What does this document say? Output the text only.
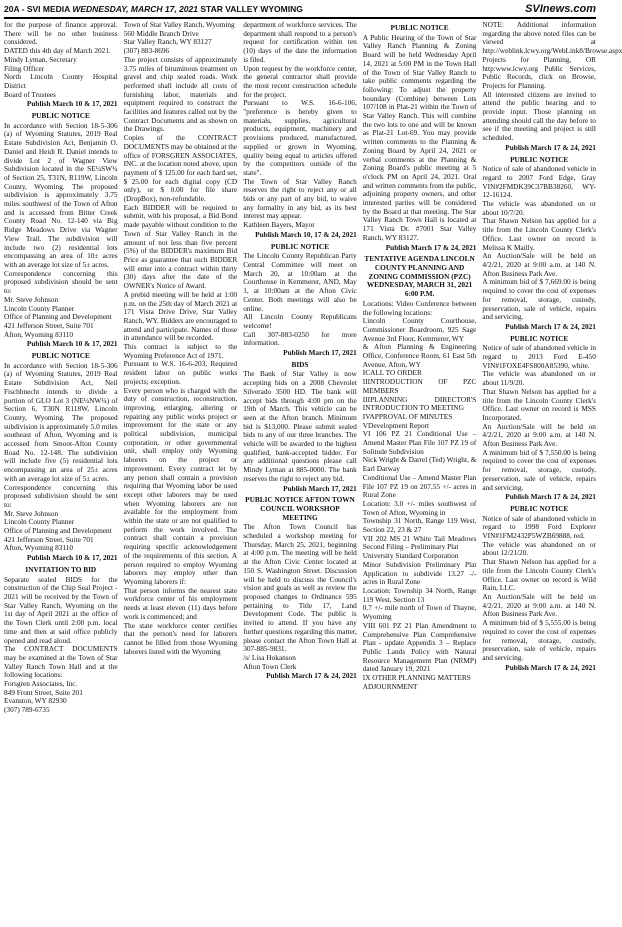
20A - SVI MEDIA WEDNESDAY, MARCH 17, 2021 STAR VALLEY WYOMING	SVInews.com

for the purpose of finance approval. There will be no other business considered.

DATED this 4th day of March 2021.

Mindy Lyman, Secretary

Filing Officer

North Lincoln County Hospital District

Board of Trustees

Publish March 10 & 17, 2021
PUBLIC NOTICE

In accordance with Section 18-5-306 (a) of Wyoming Statutes, 2019 Real Estate Subdivision Act, Benjamin O. Daniel and Heidi R. Daniel intends to divide Lot 2 of Wagner View Subdivision located in the SE¼SW¼ of Section 25, T31N, R119W, Lincoln County, Wyoming. The proposed subdivision is approximately 3.75 miles southwest of the Town of Afton and is accessed from Bitter Creek County Road No. 12-140 via Big Ridge Meadows Drive via Wagner View Trail. The subdivision will include two (2) residential lots encompassing an area of 10± acres with an average lot size of 5± acres.

Correspondence concerning this proposed subdivision should be sent to:

Mr. Steve Johnson

Lincoln County Planner

Office of Planning and Development

421 Jefferson Street, Suite 701

Afton, Wyoming 83110

Publish March 10 & 17, 2021
PUBLIC NOTICE

In accordance with Section 18-5-306 (a) of Wyoming Statutes, 2019 Real Estate Subdivision Act, Neil Fischbnecht intends to divide a portion of GLO Lot 3 (NE¼NW¼) of Section 6, T30N R118W, Lincoln County, Wyoming. The proposed subdivision is approximately 5.0 miles southeast of Afton, Wyoming and is accessed from Smoot-Afton County Road No. 12-148. The subdivision will include five (5) residential lots encompassing an area of 25± acres with an average lot size of 5± acres.

Correspondence concerning this proposed subdivision should be sent to:

Mr. Steve Johnson

Lincoln County Planner

Office of Planning and Development

421 Jefferson Street, Suite 701

Afton, Wyoming 83110

Publish March 10 & 17, 2021
INVITATION TO BID

Separate sealed BIDS for the construction of the Chip Seal Project - 2021 will be received by the Town of Star Valley Ranch, Wyoming on the 1st day of April 2021 at the office of the Town Clerk until 2:00 p.m. local time and then at said office publicly opened and read aloud.

The CONTRACT DOCUMENTS may be examined at the Town of Star Valley Ranch Town Hall and at the following locations:

Forsgren Associates, Inc.

849 Front Street, Suite 201

Evanston, WY 82930

(307) 789-6735

Town of Star Valley Ranch, Wyoming

560 Middle Branch Drive

Star Valley Ranch, WY 83127

(307) 883-8696

The project consists of approximately 3.75 miles of bituminous treatment on gravel and chip sealed roads. Work performed shall include all costs of furnishing labor, materials and equipment required to construct the facilities and features called out by the Contract Documents and as shown on the Drawings.

Copies of the CONTRACT DOCUMENTS may be obtained at the office of FORSGREN ASSOCIATES, INC. at the location noted above, upon payment of $ 125.00 for each hard set, $ 25.00 for each digital copy (CD only), or $ 0.00 for file share (DropBox), non-refundable.

Each BIDDER will be required to submit, with his proposal, a Bid Bond made payable without condition to the Town of Star Valley Ranch in the amount of not less than five percent (5%) of the BIDDER's maximum Bid Price as guarantee that such BIDDER will enter into a contract within thirty (30) days after the date of the OWNER's Notice of Award.

A prebid meeting will be held at 1:00 p.m. on the 25th day of March 2021 at 171 Vista Drive Drive, Star Valley Ranch, WY. Bidders are encouraged to attend and participate. Names of those in attendance will be recorded.

This contract is subject to the Wyoming Preference Act of 1971.

Pursuant to W.S. 16-6-203, Required resident labor on public works projects; exception.

Every person who is charged with the duty of construction, reconstruction, improving, enlarging, altering or repairing any public works project or improvement for the state or any political subdivision, municipal corporation, or other governmental unit, shall employ only Wyoming laborers on the project or improvement. Every contract let by any person shall contain a provision requiring that Wyoming labor be used except other laborers may be used when Wyoming laborers are not available for the employment from within the state or are not qualified to perform the work involved. The contract shall contain a provision requiring specific acknowledgement of the requirements of this section. A person required to employ Wyoming laborers may employ other than Wyoming laborers if:

That person informs the nearest state workforce center of his employment needs at least eleven (11) days before work is commenced; and

The state workforce center certifies that the person's need for laborers cannot be filled from those Wyoming laborers listed with the Wyoming

department of workforce services. The department shall respond to a person's request for certification within ten (10) days of the date the information is filed.

Upon request by the workforce center, the general contractor shall provide the most recent construction schedule for the project.

Pursuant to W.S. 16-6-106, "preference is hereby given to materials, supplies, agricultural products, equipment, machinery and provisions produced, manufactured, supplied or grown in Wyoming, quality being equal to articles offered by the competitors outside of the state".

The Town of Star Valley Ranch reserves the right to reject any or all bids or any part of any bid, to waive any formality in any bid, as its best interest may appear.

Kathleen Bayers, Mayor

Publish March 10, 17 & 24, 2021
PUBLIC NOTICE

The Lincoln County Republican Party Central Committee will meet on March 20, at 10:00am at the Courthouse in Kemmerer, AND, May 1, at 10:00am at the Afton Civic Center. Both meetings will also be online.

All Lincoln County Republicans welcome!

Call 307-883-0250 for more information.

Publish March 17, 2021
BIDS

The Bank of Star Valley is now accepting bids on a 2008 Chevrolet Silverado 3500 HD. The bank will accept bids through 4:00 pm on the 19th of March. This vehicle can be seen at the Afton branch. Minimum bid is $13,000. Please submit sealed bids to any of our three branches. The vehicle will be awarded to the highest qualified, bank-accepted bidder. For any additional questions please call Mindy Lyman at 885-0000. The bank reserves the right to reject any bid.

Publish March 17, 2021
PUBLIC NOTICE AFTON TOWN COUNCIL WORKSHOP MEETING

The Afton Town Council has scheduled a workshop meeting for Thursday, March 25, 2021, beginning at 4:00 p.m. The meeting will be held at the Afton Civic Center located at 150 S. Washington Street. Discussion will be held to discuss the Council's vision and goals as well as review the proposed changes to Ordinance 595 pertaining to Title 17, Land Development Code. The public is invited to attend. If you have any further questions regarding this matter, please contact the Afton Town Hall at 307-885-9831.

/s/ Lisa Hokanson

Afton Town Clerk

Publish March 17 & 24, 2021
PUBLIC NOTICE

A Public Hearing of the Town of Star Valley Ranch Planning & Zoning Board will be held Wednesday April 14, 2021 at 5:00 PM in the Town Hall of the Town of Star Valley Ranch to take public comments regarding the following: To adjust the property boundary (Combine) between Lots 107/108 in Plat-21 within the Town of Star Valley Ranch. This will combine the two lots to one and will be known as Plat-21 Lot-69. You may provide written comments to the Planning & Zoning Board by April 24, 2021 or verbal comments at the Planning & Zoning Board's public meeting at 5 o'clock PM on April 24, 2021. Oral and written comments from the public, adjoining property owners, and other interested parties will be considered by the Board at that meeting. The Star Valley Ranch Town Hall is located at 171 Vista Dr. #7001 Star Valley Ranch, WY 83127.

Publish March 17 & 24, 2021
TENTATIVE AGENDA LINCOLN COUNTY PLANNING AND ZONING COMMISSION (PZC) WEDNESDAY, MARCH 31, 2021 6:00 P.M.

Locations: Video Conference between the following locations:

Lincoln County Courthouse, Commissioner Boardroom, 925 Sage Avenue 3rd Floor, Kemmerer, WY

& Afton Planning & Engineering Office, Conference Room, 61 East 5th Avenue, Afton, WY

ICALL TO ORDER

IIINTRODUCTION OF PZC MEMBERS

IIIPLANNING DIRECTOR'S INTRODUCTION TO MEETING

IVAPPROVAL OF MINUTES

VDevelopment Report

VI 106 PZ 21 Conditional Use – Amend Master Plan File 107 PZ 19 of Solitude Subdivision

Nick Wright & Darrel (Ted) Wright, & Earl Darway

Conditional Use – Amend Master Plan File 107 PZ 19 on 207.55 +/- acres in Rural Zone

Location: 3.0 +/- miles southwest of Town of Afton, Wyoming in

Township 31 North, Range 119 West, Section 22, 23 & 27

VII 202 MS 21 White Tail Meadows Second Filing – Preliminary Plat

University Standard Corporation

Minor Subdivision Preliminary Plat Application to subdivide 13.27 -/- acres in Rural Zone

Location: Township 34 North, Range 119 West, Section 13

0.7 +/- mile north of Town of Thayne, Wyoming

VIII 601 PZ 21 Plan Amendment to Comprehensive Plan Comprehensive Plan - update Appendix 3 – Replace Public Lands Policy with Natural Resource Management Plan (NRMP) dated January 19, 2021

IX OTHER PLANNING MATTERS

ADJOURNMENT

NOTE: Additional information regarding the above noted files can be viewed at http://weblink.lcwy.org/WebLink8/Browse.aspx Projects for Planning, OR http:www.lcwy.org Public Services, Public Records, click on Browse, Projects for Planning.

All interested citizens are invited to attend the public hearing and to provide input. Those planning on attending should call the day before to see if the meeting and project is still scheduled.

Publish March 17 & 24, 2021
PUBLIC NOTICE

Notice of sale of abandoned vehicle in regard to 2007 Ford Edge, Gray VIN#2FMDK39C37BB38260, WY-12-16124.

The vehicle was abandoned on or about 10/7/20.

That Shawn Nelson has applied for a title from the Lincoln County Clerk's Office. Last owner on record is Melissa K Mailly.

An Auction/Sale will be held on 4/2/21, 2020 at 9:00 a.m. at 140 N. Afton Business Park Ave.

A minimum bid of $ 7,669.00 is being required to cover the cost of expenses for removal, storage, custody, preservation, sale of vehicle, repairs and servicing.

Publish March 17 & 24, 2021
PUBLIC NOTICE

Notice of sale of abandoned vehicle in regard to 2013 Ford E-450 VIN#1FOXE4FS800A85390, white.

The vehicle was abandoned on or about 11/9/20.

That Shawn Nelson has applied for a title from the Lincoln County Clerk's Office. Last owner on record is MSS Incorporated.

An Auction/Sale will be held on 4/2/21, 2020 at 9:00 a.m. at 140 N. Afton Business Park Ave.

A minimum bid of $ 7,550.00 is being required to cover the cost of expenses for removal, storage, custody, preservation, sale of vehicle, repairs and servicing.

Publish March 17 & 24, 2021
PUBLIC NOTICE

Notice of sale of abandoned vehicle in regard to 1998 Ford Explorer VIN#1FM2432P5WZB69888, red.

The vehicle was abandoned on or about 12/21/20.

That Shawn Nelson has applied for a title from the Lincoln County Clerk's Office. Last owner on record is Wild Rain, LLC.

An Auction/Sale will be held on 4/2/21, 2020 at 9:00 a.m. at 140 N. Afton Business Park Ave.

A minimum bid of $ 5,555.00 is being required to cover the cost of expenses for removal, storage, custody, preservation, sale of vehicle, repairs and servicing.

Publish March 17 & 24, 2021
